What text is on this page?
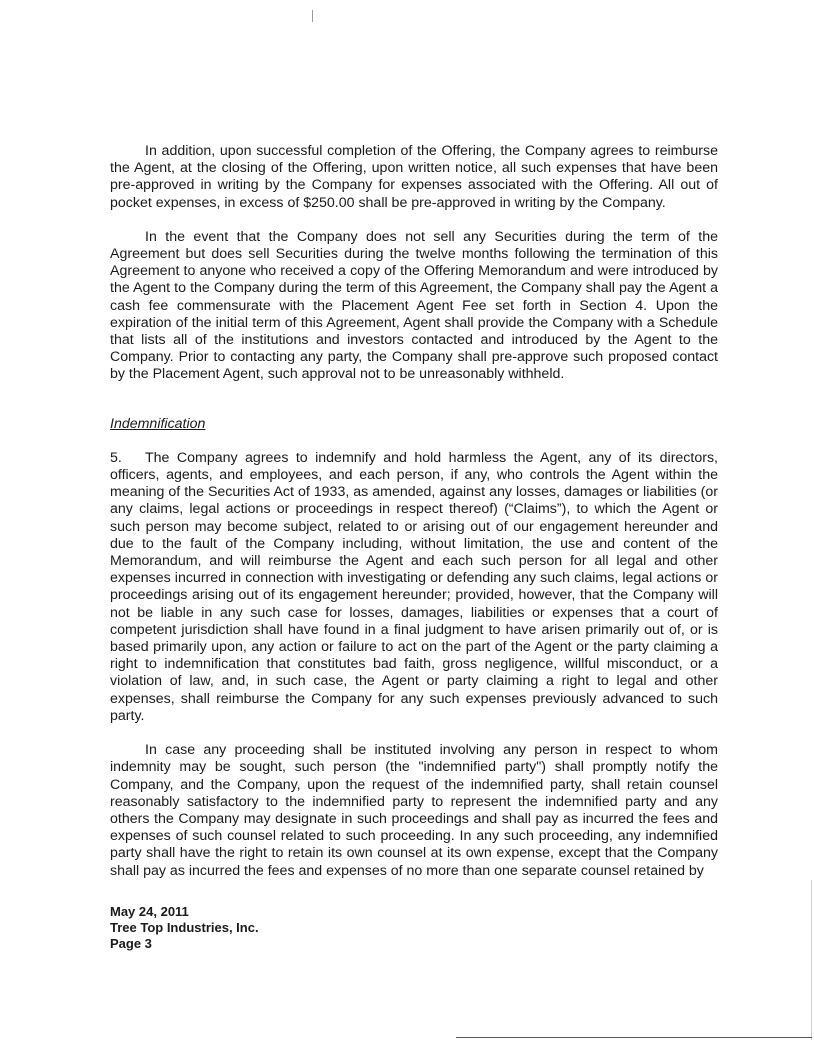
In addition, upon successful completion of the Offering, the Company agrees to reimburse the Agent, at the closing of the Offering, upon written notice, all such expenses that have been pre-approved in writing by the Company for expenses associated with the Offering. All out of pocket expenses, in excess of $250.00 shall be pre-approved in writing by the Company.

In the event that the Company does not sell any Securities during the term of the Agreement but does sell Securities during the twelve months following the termination of this Agreement to anyone who received a copy of the Offering Memorandum and were introduced by the Agent to the Company during the term of this Agreement, the Company shall pay the Agent a cash fee commensurate with the Placement Agent Fee set forth in Section 4. Upon the expiration of the initial term of this Agreement, Agent shall provide the Company with a Schedule that lists all of the institutions and investors contacted and introduced by the Agent to the Company. Prior to contacting any party, the Company shall pre-approve such proposed contact by the Placement Agent, such approval not to be unreasonably withheld.

Indemnification

5. The Company agrees to indemnify and hold harmless the Agent, any of its directors, officers, agents, and employees, and each person, if any, who controls the Agent within the meaning of the Securities Act of 1933, as amended, against any losses, damages or liabilities (or any claims, legal actions or proceedings in respect thereof) (“Claims”), to which the Agent or such person may become subject, related to or arising out of our engagement hereunder and due to the fault of the Company including, without limitation, the use and content of the Memorandum, and will reimburse the Agent and each such person for all legal and other expenses incurred in connection with investigating or defending any such claims, legal actions or proceedings arising out of its engagement hereunder; provided, however, that the Company will not be liable in any such case for losses, damages, liabilities or expenses that a court of competent jurisdiction shall have found in a final judgment to have arisen primarily out of, or is based primarily upon, any action or failure to act on the part of the Agent or the party claiming a right to indemnification that constitutes bad faith, gross negligence, willful misconduct, or a violation of law, and, in such case, the Agent or party claiming a right to legal and other expenses, shall reimburse the Company for any such expenses previously advanced to such party.

In case any proceeding shall be instituted involving any person in respect to whom indemnity may be sought, such person (the "indemnified party") shall promptly notify the Company, and the Company, upon the request of the indemnified party, shall retain counsel reasonably satisfactory to the indemnified party to represent the indemnified party and any others the Company may designate in such proceedings and shall pay as incurred the fees and expenses of such counsel related to such proceeding. In any such proceeding, any indemnified party shall have the right to retain its own counsel at its own expense, except that the Company shall pay as incurred the fees and expenses of no more than one separate counsel retained by

May 24, 2011
Tree Top Industries, Inc.
Page 3
